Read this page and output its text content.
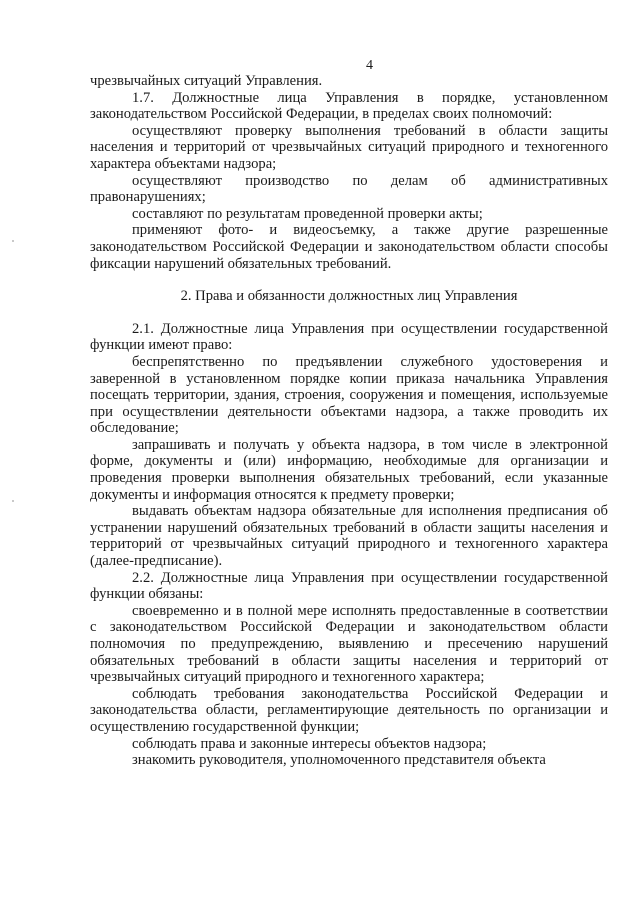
4

чрезвычайных ситуаций Управления.

1.7. Должностные лица Управления в порядке, установленном законодательством Российской Федерации, в пределах своих полномочий:

осуществляют проверку выполнения требований в области защиты населения и территорий от чрезвычайных ситуаций природного и техногенного характера объектами надзора;

осуществляют производство по делам об административных правонарушениях;

составляют по результатам проведенной проверки акты;

применяют фото- и видеосъемку, а также другие разрешенные законодательством Российской Федерации и законодательством области способы фиксации нарушений обязательных требований.

2. Права и обязанности должностных лиц Управления

2.1. Должностные лица Управления при осуществлении государственной функции имеют право:

беспрепятственно по предъявлении служебного удостоверения и заверенной в установленном порядке копии приказа начальника Управления посещать территории, здания, строения, сооружения и помещения, используемые при осуществлении деятельности объектами надзора, а также проводить их обследование;

запрашивать и получать у объекта надзора, в том числе в электронной форме, документы и (или) информацию, необходимые для организации и проведения проверки выполнения обязательных требований, если указанные документы и информация относятся к предмету проверки;

выдавать объектам надзора обязательные для исполнения предписания об устранении нарушений обязательных требований в области защиты населения и территорий от чрезвычайных ситуаций природного и техногенного характера (далее-предписание).

2.2. Должностные лица Управления при осуществлении государственной функции обязаны:

своевременно и в полной мере исполнять предоставленные в соответствии с законодательством Российской Федерации и законодательством области полномочия по предупреждению, выявлению и пресечению нарушений обязательных требований в области защиты населения и территорий от чрезвычайных ситуаций природного и техногенного характера;

соблюдать требования законодательства Российской Федерации и законодательства области, регламентирующие деятельность по организации и осуществлению государственной функции;

соблюдать права и законные интересы объектов надзора;

знакомить руководителя, уполномоченного представителя объекта
